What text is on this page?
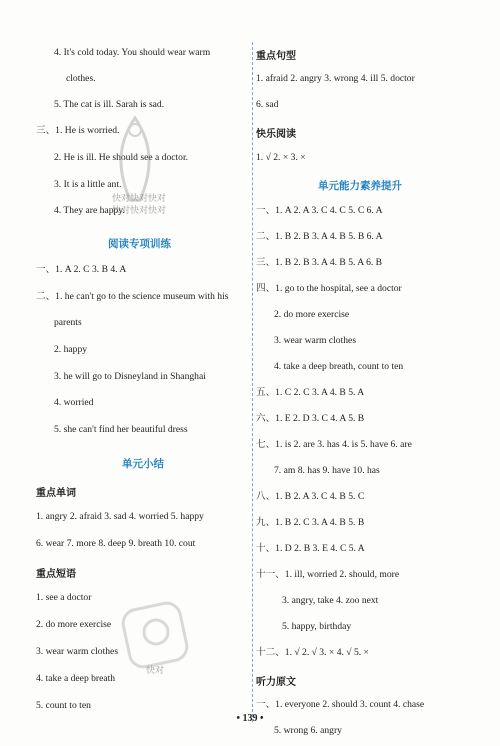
4. It's cold today. You should wear warm
clothes.
5. The cat is ill. Sarah is sad.
三、1. He is worried.
2. He is ill. He should see a doctor.
3. It is a little ant.
4. They are happy.
阅读专项训练
一、1. A 2. C 3. B 4. A
二、1. he can't go to the science museum with his
parents
2. happy
3. he will go to Disneyland in Shanghai
4. worried
5. she can't find her beautiful dress
单元小结
重点单词
1. angry 2. afraid 3. sad 4. worried 5. happy
6. wear 7. more 8. deep 9. breath 10. cout
重点短语
1. see a doctor
2. do more exercise
3. wear warm clothes
4. take a deep breath
5. count to ten
重点句型
1. afraid 2. angry 3. wrong 4. ill 5. doctor
6. sad
快乐阅读
1. √ 2. × 3. ×
单元能力素养提升
一、1. A 2. A 3. C 4. C 5. C 6. A
二、1. B 2. B 3. A 4. B 5. B 6. A
三、1. B 2. B 3. A 4. B 5. A 6. B
四、1. go to the hospital, see a doctor
2. do more exercise
3. wear warm clothes
4. take a deep breath, count to ten
五、1. C 2. C 3. A 4. B 5. A
六、1. E 2. D 3. C 4. A 5. B
七、1. is 2. are 3. has 4. is 5. have 6. are
7. am 8. has 9. have 10. has
八、1. B 2. A 3. C 4. B 5. C
九、1. B 2. C 3. A 4. B 5. B
十、1. D 2. B 3. E 4. C 5. A
十一、1. ill, worried 2. should, more
3. angry, take 4. zoo next
5. happy, birthday
十二、1. √ 2. √ 3. × 4. √ 5. ×
听力原文
一、1. everyone 2. should 3. count 4. chase
5. wrong 6. angry
快对快对快对
快对快对快对
快对
• 139 •
